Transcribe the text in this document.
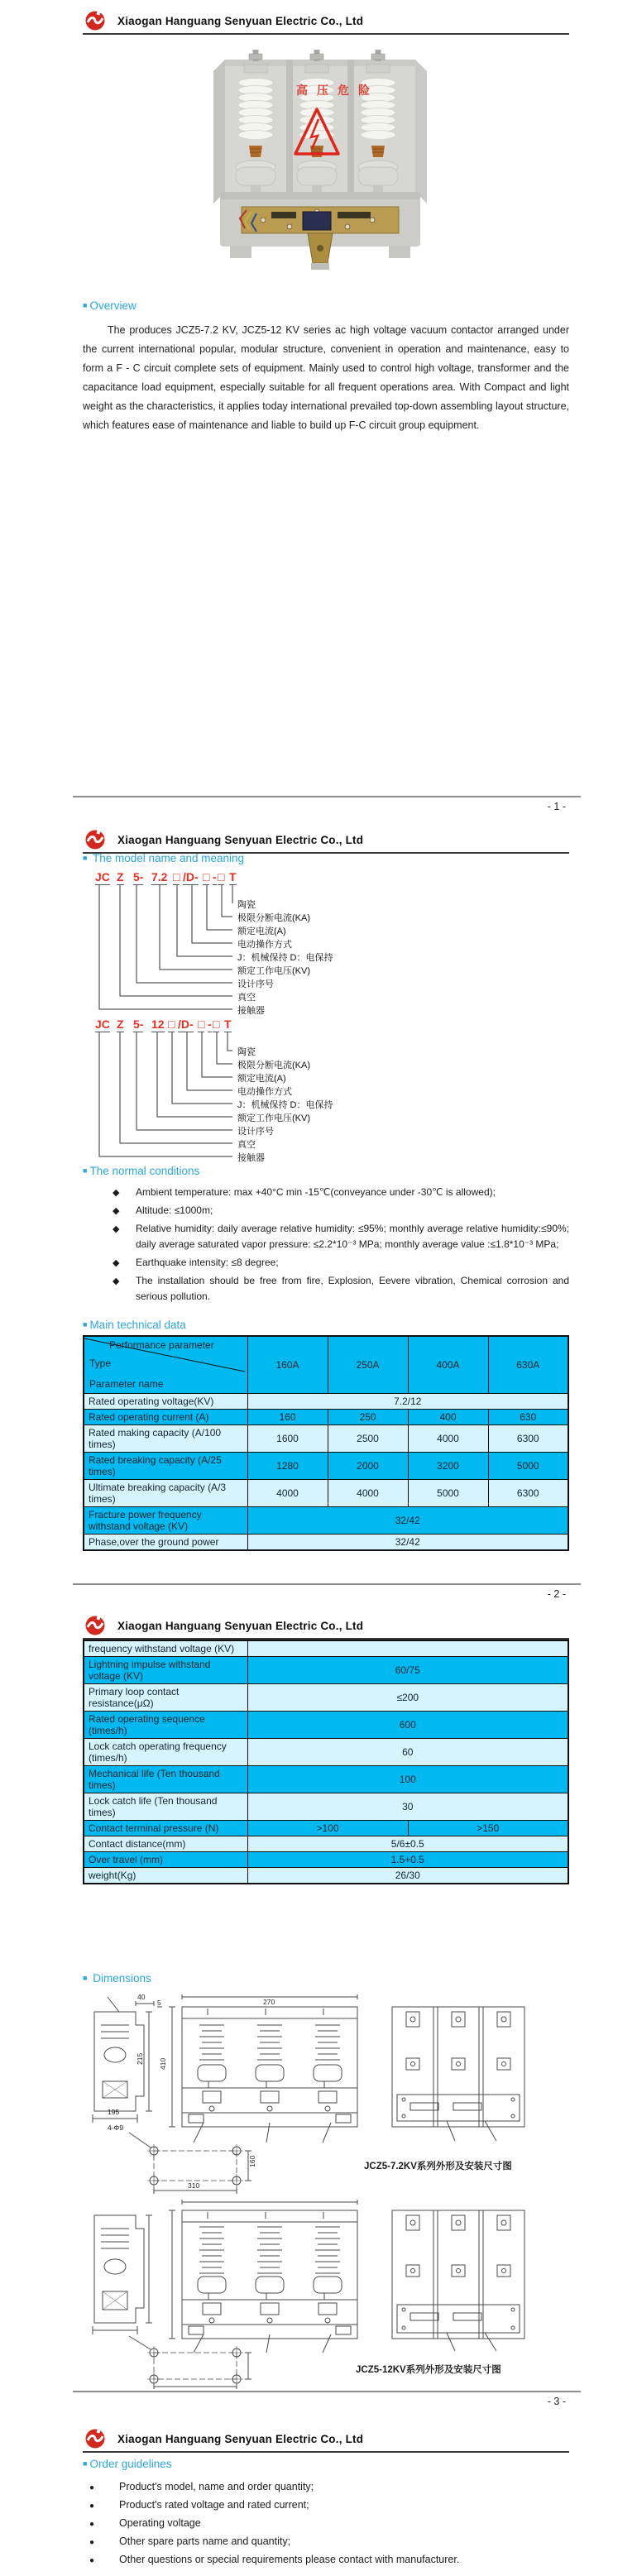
Xiaogan Hanguang Senyuan Electric Co., Ltd
高压危险
■ Overview
The produces JCZ5-7.2 KV, JCZ5-12 KV series ac high voltage vacuum contactor arranged under the current international popular, modular structure, convenient in operation and maintenance, easy to form a F - C circuit complete sets of equipment. Mainly used to control high voltage, transformer and the capacitance load equipment, especially suitable for all frequent operations area. With Compact and light weight as the characteristics, it applies today international prevailed top-down assembling layout structure, which features ease of maintenance and liable to build up F-C circuit group equipment.
- 1 -
Xiaogan Hanguang Senyuan Electric Co., Ltd
■ The model name and meaning
JC Z 5- 7.2 □ /D- □ - □ T
陶瓷
极限分断电流(KA)
额定电流(A)
电动操作方式
J：机械保持 D：电保持
额定工作电压(KV)
设计序号
真空
接触器
JC Z 5- 12 □ /D- □ - □ T
陶瓷
极限分断电流(KA)
额定电流(A)
电动操作方式
J：机械保持 D：电保持
额定工作电压(KV)
设计序号
真空
接触器
■ The normal conditions
◆ Ambient temperature: max +40°C min -15℃(conveyance under -30℃ is allowed);
◆ Altitude: ≤1000m;
◆ Relative humidity: daily average relative humidity: ≤95%; monthly average relative humidity:≤90%; daily average saturated vapor pressure: ≤2.2*10⁻³ MPa; monthly average value :≤1.8*10⁻³ MPa;
◆ Earthquake intensity: ≤8 degree;
◆ The installation should be free from fire, Explosion, Eevere vibration, Chemical corrosion and serious pollution.
■ Main technical data
Performance parameter
Type
Parameter name	160A	250A	400A	630A
Rated operating voltage(KV)	7.2/12			
Rated operating current (A)	160	250	400	630
Rated making capacity (A/100 times)	1600	2500	4000	6300
Rated breaking capacity (A/25 times)	1280	2000	3200	5000
Ultimate breaking capacity (A/3 times)	4000	4000	5000	6300
Fracture power frequency withstand voltage (KV)	32/42			
Phase,over the ground power	32/42			
- 2 -
Xiaogan Hanguang Senyuan Electric Co., Ltd
frequency withstand voltage (KV)		
Lightning impulse withstand voltage (KV)	60/75	
Primary loop contact resistance(μΩ)	≤200	
Rated operating sequence (times/h)	600	
Lock catch operating frequency (times/h)	60	
Mechanical life (Ten thousand times)	100	
Lock catch life (Ten thousand times)	30	
Contact terminal pressure (N)	>100	>150
Contact distance(mm)	5/6±0.5	
Over travel (mm)	1.5+0.5	
weight(Kg)	26/30	
■ Dimensions
195
215
40
5
410
270
310
160
4-Φ9
JCZ5-7.2KV系列外形及安装尺寸图
JCZ5-12KV系列外形及安装尺寸图
- 3 -
Xiaogan Hanguang Senyuan Electric Co., Ltd
■ Order guidelines
● Product's model, name and order quantity;
● Product's rated voltage and rated current;
● Operating voltage
● Other spare parts name and quantity;
● Other questions or special requirements please contact with manufacturer.
